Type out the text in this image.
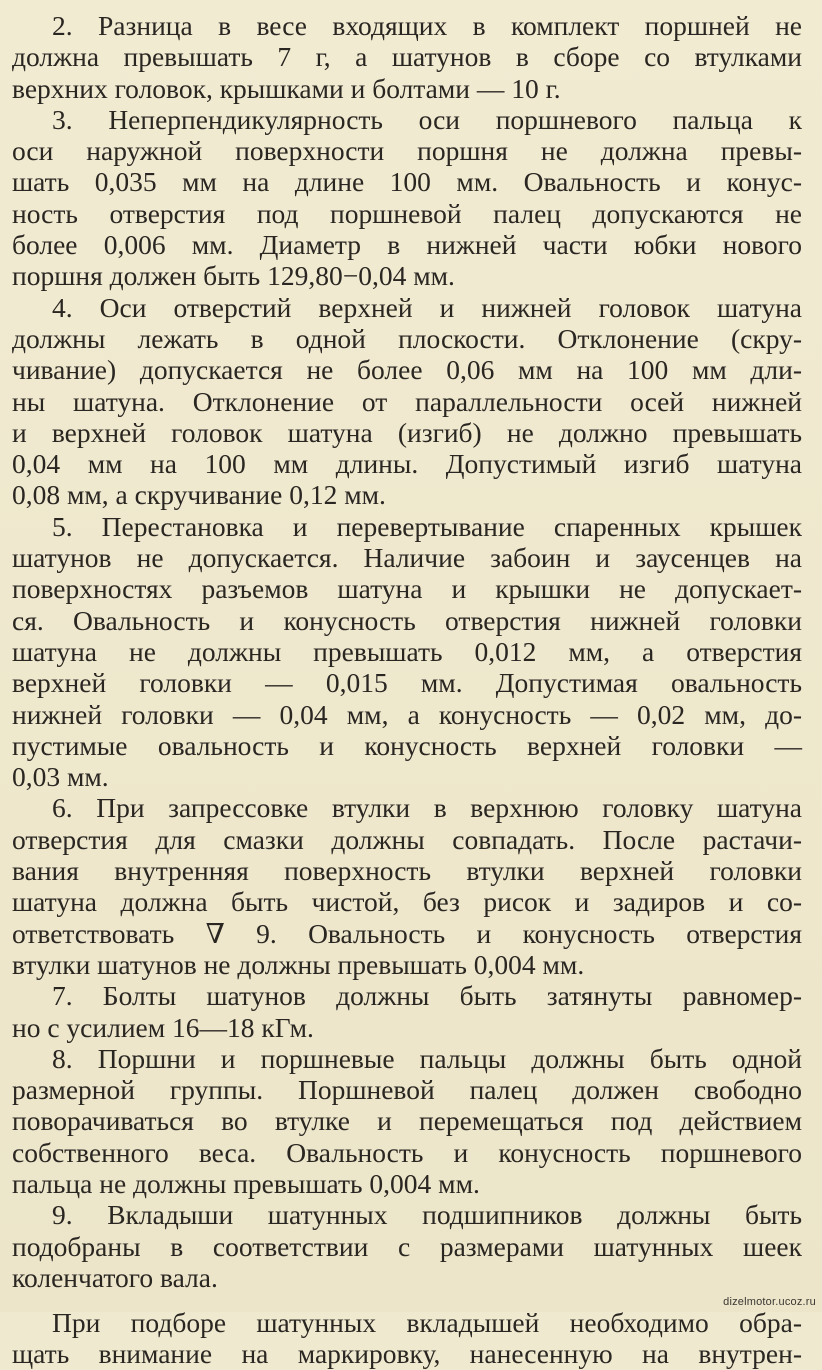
2. Разница в весе входящих в комплект поршней не
должна превышать 7 г, а шатунов в сборе со втулками
верхних головок, крышками и болтами — 10 г.
3. Неперпендикулярность оси поршневого пальца к
оси наружной поверхности поршня не должна превы-
шать 0,035 мм на длине 100 мм. Овальность и конус-
ность отверстия под поршневой палец допускаются не
более 0,006 мм. Диаметр в нижней части юбки нового
поршня должен быть 129,80−0,04 мм.
4. Оси отверстий верхней и нижней головок шатуна
должны лежать в одной плоскости. Отклонение (скру-
чивание) допускается не более 0,06 мм на 100 мм дли-
ны шатуна. Отклонение от параллельности осей нижней
и верхней головок шатуна (изгиб) не должно превышать
0,04 мм на 100 мм длины. Допустимый изгиб шатуна
0,08 мм, а скручивание 0,12 мм.
5. Перестановка и перевертывание спаренных крышек
шатунов не допускается. Наличие забоин и заусенцев на
поверхностях разъемов шатуна и крышки не допускает-
ся. Овальность и конусность отверстия нижней головки
шатуна не должны превышать 0,012 мм, а отверстия
верхней головки — 0,015 мм. Допустимая овальность
нижней головки — 0,04 мм, а конусность — 0,02 мм, до-
пустимые овальность и конусность верхней головки —
0,03 мм.
6. При запрессовке втулки в верхнюю головку шатуна
отверстия для смазки должны совпадать. После растачи-
вания внутренняя поверхность втулки верхней головки
шатуна должна быть чистой, без рисок и задиров и со-
ответствовать ∇ 9. Овальность и конусность отверстия
втулки шатунов не должны превышать 0,004 мм.
7. Болты шатунов должны быть затянуты равномер-
но с усилием 16—18 кГм.
8. Поршни и поршневые пальцы должны быть одной
размерной группы. Поршневой палец должен свободно
поворачиваться во втулке и перемещаться под действием
собственного веса. Овальность и конусность поршневого
пальца не должны превышать 0,004 мм.
9. Вкладыши шатунных подшипников должны быть
подобраны в соответствии с размерами шатунных шеек
коленчатого вала.
При подборе шатунных вкладышей необходимо обра-
щать внимание на маркировку, нанесенную на внутрен-
dizelmotor.ucoz.ru
